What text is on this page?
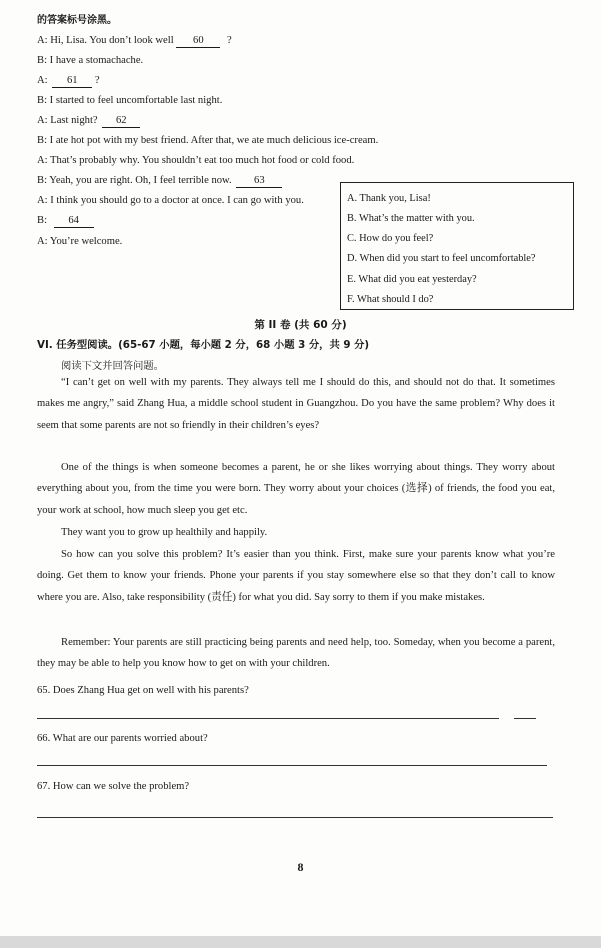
的答案标号涂黑。
A: Hi, Lisa. You don’t look well 60 ?
B: I have a stomachache.
A: 61 ?
B: I started to feel uncomfortable last night.
A: Last night? 62
B: I ate hot pot with my best friend. After that, we ate much delicious ice-cream.
A: That’s probably why. You shouldn’t eat too much hot food or cold food.
B: Yeah, you are right. Oh, I feel terrible now. 63
A: I think you should go to a doctor at once. I can go with you.
B: 64
A: You’re welcome.
A. Thank you, Lisa!
B. What’s the matter with you.
C. How do you feel?
D. When did you start to feel uncomfortable?
E. What did you eat yesterday?
F. What should I do?
第 II 卷 (共 60 分)
VI. 任务型阅读。(65-67 小题，每小题 2 分，68 小题 3 分，共 9 分)
阅读下文并回答问题。
“I can’t get on well with my parents. They always tell me I should do this, and should not do that. It sometimes makes me angry,” said Zhang Hua, a middle school student in Guangzhou. Do you have the same problem? Why does it seem that some parents are not so friendly in their children’s eyes?
One of the things is when someone becomes a parent, he or she likes worrying about things. They worry about everything about you, from the time you were born. They worry about your choices (选择) of friends, the food you eat, your work at school, how much sleep you get etc.
They want you to grow up healthily and happily.
So how can you solve this problem? It’s easier than you think. First, make sure your parents know what you’re doing. Get them to know your friends. Phone your parents if you stay somewhere else so that they don’t call to know where you are. Also, take responsibility (责任) for what you did. Say sorry to them if you make mistakes.
Remember: Your parents are still practicing being parents and need help, too. Someday, when you become a parent, they may be able to help you know how to get on with your children.
65. Does Zhang Hua get on well with his parents?
66. What are our parents worried about?
67. How can we solve the problem?
8
